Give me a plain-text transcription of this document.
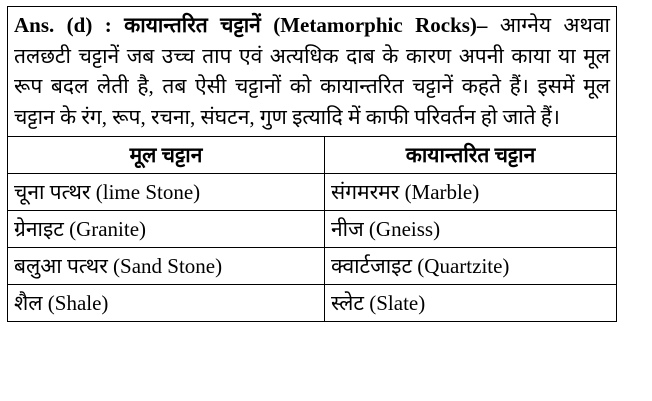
Ans. (d) : कायान्तरित चट्टानें (Metamorphic Rocks)– आग्नेय अथवा तलछटी चट्टानें जब उच्च ताप एवं अत्यधिक दाब के कारण अपनी काया या मूल रूप बदल लेती है, तब ऐसी चट्टानों को कायान्तरित चट्टानें कहते हैं। इसमें मूल चट्टान के रंग, रूप, रचना, संघटन, गुण इत्यादि में काफी परिवर्तन हो जाते हैं।
मूल चट्टान	कायान्तरित चट्टान
चूना पत्थर (lime Stone)	संगमरमर (Marble)
ग्रेनाइट (Granite)	नीज (Gneiss)
बलुआ पत्थर (Sand Stone)	क्वार्टजाइट (Quartzite)
शैल (Shale)	स्लेट (Slate)
